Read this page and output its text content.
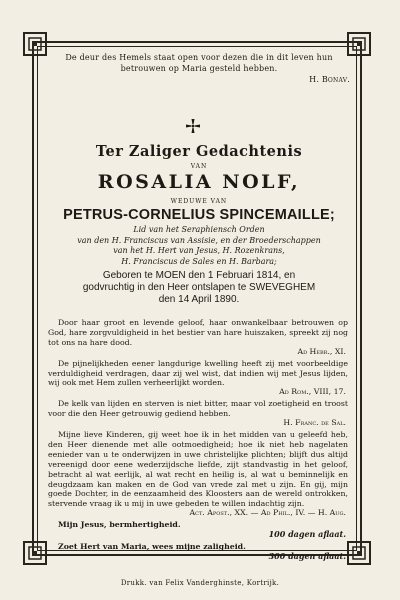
De deur des Hemels staat open voor dezen die in dit leven hun betrouwen op Maria gesteld hebben.
H. Bonav.
Ter Zaliger Gedachtenis
VAN
ROSALIA NOLF,
WEDUWE VAN
PETRUS-CORNELIUS SPINCEMAILLE;
Lid van het Seraphiensch Orden
van den H. Franciscus van Assisie, en der Broederschappen
van het H. Hert van Jesus, H. Rozenkrans,
H. Franciscus de Sales en H. Barbara;
Geboren te MOEN den 1 Februari 1814, en
godvruchtig in den Heer ontslapen te SWEVEGHEM
den 14 April 1890.

Door haar groot en levende geloof, haar onwankelbaar betrouwen op God, hare zorgvuldigheid in het bestier van hare huiszaken, spreekt zij nog tot ons na hare dood.
Ad Hebr., XI.

De pijnelijkheden eener langdurige kwelling heeft zij met voorbeeldige verduldigheid verdragen, daar zij wel wist, dat indien wij met Jesus lijden, wij ook met Hem zullen verheerlijkt worden.
Ad Rom., VIII, 17.

De kelk van lijden en sterven is niet bitter, maar vol zoetigheid en troost voor die den Heer getrouwig gediend hebben.
H. Franc. de Sal.

Mijne lieve Kinderen, gij weet hoe ik in het midden van u geleefd heb, den Heer dienende met alle ootmoedigheid; hoe ik niet heb nagelaten eenieder van u te onderwijzen in uwe christelijke plichten; blijft dus altijd vereenigd door eene wederzijdsche liefde, zijt standvastig in het geloof, betracht al wat eerlijk, al wat recht en heilig is, al wat u beminnelijk en deugdzaam kan maken en de God van vrede zal met u zijn. En gij, mijn goede Dochter, in de eenzaamheid des Kloosters aan de wereld ontrokken, stervende vraag ik u mij in uwe gebeden te willen indachtig zijn.
Act. Apost., XX. — Ad Phil., IV. — H. Aug.

Mijn Jesus, bermhertigheid.
100 dagen aflaat.

Zoet Hert van Maria, wees mijne zaligheid.
300 dagen aflaat.

Drukk. van Felix Vanderghinste, Kortrijk.
